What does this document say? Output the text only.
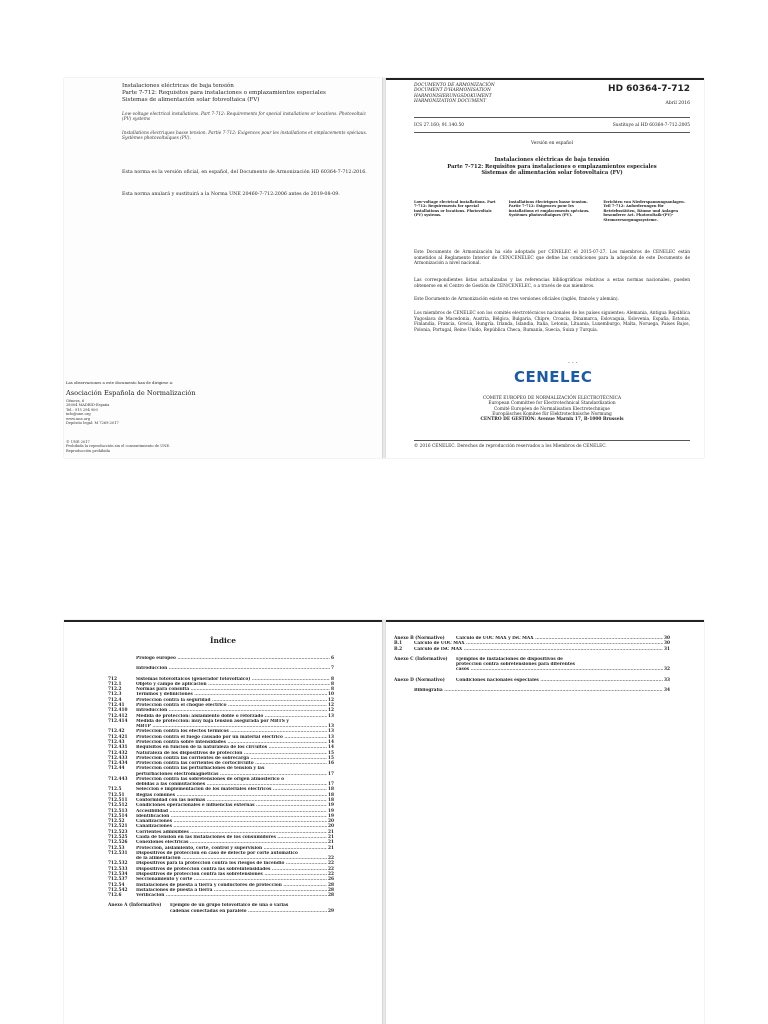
Instalaciones eléctricas de baja tensión
Parte 7-712: Requisitos para instalaciones o emplazamientos especiales
Sistemas de alimentación solar fotovoltaica (FV)
Low-voltage electrical installations. Part 7-712: Requirements for special installations or locations. Photovoltaic (PV) systems
Installations électriques basse tension. Partie 7-712: Exigences pour les installations et emplacements spéciaux. Systèmes photovoltaïques (PV).
Esta norma es la versión oficial, en español, del Documento de Armonización HD 60364-7-712:2016.
Esta norma anulará y sustituirá a la Norma UNE 20460-7-712:2006 antes de 2019-08-09.
Las observaciones a este documento han de dirigirse a:
Asociación Española de Normalización
Génova, 6
28004 MADRID-España
Tel.: 915 294 900
info@une.org
www.une.org
Depósito legal: M 7269:2017
© UNE 2017
Prohibida la reproducción sin el consentimiento de UNE.
Reproducción prohibida
DOCUMENTO DE ARMONIZACIÓN
DOCUMENT D'HARMONISATION
HARMONISIERUNGSDOKUMENT
HARMONIZATION DOCUMENT
HD 60364-7-712
Abril 2016
ICS 27.160; 91.140.50	Sustituye al HD 60364-7-712:2005
Versión en español
Instalaciones eléctricas de baja tensión
Parte 7-712: Requisitos para instalaciones o emplazamientos especiales
Sistemas de alimentación solar fotovoltaica (FV)
Low-voltage electrical installations. Part 7-712: Requirements for special installations or locations. Photovoltaic (PV) systems.
Installations électriques basse tension. Partie 7-712: Exigences pour les installations et emplacements spéciaux. Systèmes photovoltaïques (PV).
Errichten von Niederspannungsanlagen. Teil 7-712: Anforderungen für Betriebsstätten, Räume und Anlagen besonderer Art. Photovoltaik-(PV)-Stromversorgungssysteme.
Este Documento de Armonización ha sido adoptado por CENELEC el 2015-07-27. Los miembros de CENELEC están sometidos al Reglamento Interior de CEN/CENELEC que define las condiciones para la adopción de este Documento de Armonización a nivel nacional.
Las correspondientes listas actualizadas y las referencias bibliográficas relativas a estas normas nacionales, pueden obtenerse en el Centro de Gestión de CEN/CENELEC, o a través de sus miembros.
Este Documento de Armonización existe en tres versiones oficiales (inglés, francés y alemán).
Los miembros de CENELEC son los comités electrotécnicos nacionales de los países siguientes: Alemania, Antigua República Yugoslava de Macedonia, Austria, Bélgica, Bulgaria, Chipre, Croacia, Dinamarca, Eslovaquia, Eslovenia, España, Estonia, Finlandia, Francia, Grecia, Hungría, Irlanda, Islandia, Italia, Letonia, Lituania, Luxemburgo, Malta, Noruega, Países Bajos, Polonia, Portugal, Reino Unido, República Checa, Rumanía, Suecia, Suiza y Turquía.
· · ·
CENELEC
COMITÉ EUROPEO DE NORMALIZACIÓN ELECTROTÉCNICA
European Committee for Electrotechnical Standardization
Comité Européen de Normalisation Electrotechnique
Europäisches Komitee für Elektrotechnische Normung
CENTRO DE GESTIÓN: Avenue Marnix 17, B-1000 Brussels
© 2016 CENELEC. Derechos de reproducción reservados a los Miembros de CENELEC.
Índice
Prólogo europeo .....	6
Introducción .....	7
712	Sistemas fotovoltaicos (generador fotovoltaico) .....	8
712.1	Objeto y campo de aplicación .....	8
712.2	Normas para consulta .....	8
712.3	Términos y definiciones .....	10
712.4	Protección contra la seguridad .....	12
712.41	Protección contra el choque eléctrico .....	12
712.410	Introducción .....	12
712.412	Medida de protección: aislamiento doble o reforzado .....	13
712.414	Medida de protección: muy baja tensión asegurada por MBTS y
MBTP .....	13
712.42	Protección contra los efectos térmicos .....	13
712.421	Protección contra el fuego causado por un material eléctrico .....	13
712.43	Protección contra sobre intensidades .....	14
712.431	Requisitos en función de la naturaleza de los circuitos .....	14
712.432	Naturaleza de los dispositivos de protección .....	15
712.433	Protección contra las corrientes de sobrecarga .....	15
712.434	Protección contra las corrientes de cortocircuito .....	16
712.44	Protección contra las perturbaciones de tensión y las
perturbaciones electromagnéticas .....	17
712.443	Protección contra las sobretensiones de origen atmosférico o
debidas a las conmutaciones .....	17
712.5	Selección e implementación de los materiales eléctricos .....	18
712.51	Reglas comunes .....	18
712.511	Conformidad con las normas .....	18
712.512	Condiciones operacionales e influencias externas .....	19
712.513	Accesibilidad .....	19
712.514	Identificación .....	19
712.52	Canalizaciones .....	20
712.521	Canalizaciones .....	20
712.523	Corrientes admisibles .....	21
712.525	Caída de tensión en las instalaciones de los consumidores .....	21
712.526	Conexiones eléctricas .....	21
712.53	Protección, aislamiento, corte, control y supervisión .....	21
712.531	Dispositivos de protección en caso de defecto por corte automático
de la alimentación .....	22
712.532	Dispositivos para la protección contra los riesgos de incendio .....	22
712.533	Dispositivos de protección contra las sobreintensidades .....	22
712.534	Dispositivos de protección contra las sobretensiones .....	22
712.537	Seccionamiento y corte .....	26
712.54	Instalaciones de puesta a tierra y conductores de protección .....	28
712.542	Instalaciones de puesta a tierra .....	28
712.6	Verificación .....	28
Anexo A (Informativo)	Ejemplo de un grupo fotovoltaico de una o varias
cadenas conectadas en paralelo .....	29
Anexo B (Normativo)	Cálculo de UOC MAX y ISC MAX .....	30
B.1	Cálculo de UOC MAX .....	30
B.2	Cálculo de ISC MAX .....	31
Anexo C (Informativo)	Ejemplos de instalaciones de dispositivos de
protección contra sobretensiones para diferentes
casos .....	32
Anexo D (Normativo)	Condiciones nacionales especiales .....	33
Bibliografía .....	34
